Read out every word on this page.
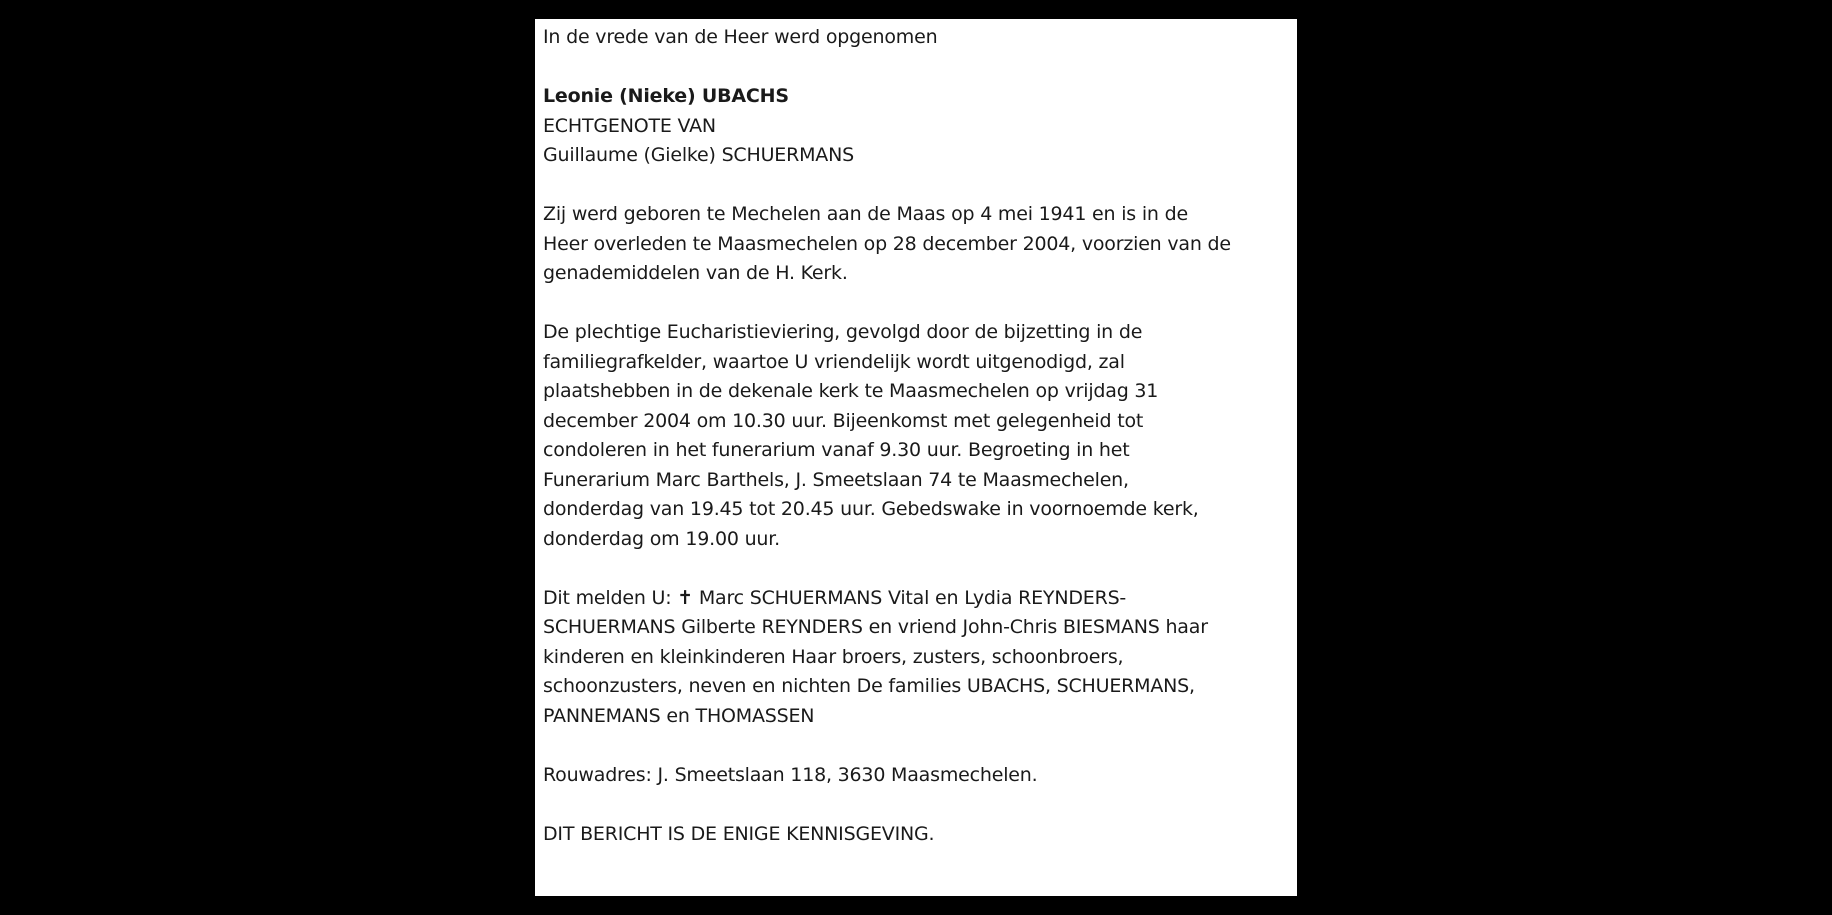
In de vrede van de Heer werd opgenomen
Leonie (Nieke) UBACHS
ECHTGENOTE VAN
Guillaume (Gielke) SCHUERMANS
Zij werd geboren te Mechelen aan de Maas op 4 mei 1941 en is in de
Heer overleden te Maasmechelen op 28 december 2004, voorzien van de
genademiddelen van de H. Kerk.
De plechtige Eucharistieviering, gevolgd door de bijzetting in de
familiegrafkelder, waartoe U vriendelijk wordt uitgenodigd, zal
plaatshebben in de dekenale kerk te Maasmechelen op vrijdag 31
december 2004 om 10.30 uur. Bijeenkomst met gelegenheid tot
condoleren in het funerarium vanaf 9.30 uur. Begroeting in het
Funerarium Marc Barthels, J. Smeetslaan 74 te Maasmechelen,
donderdag van 19.45 tot 20.45 uur. Gebedswake in voornoemde kerk,
donderdag om 19.00 uur.
Dit melden U: ✝ Marc SCHUERMANS Vital en Lydia REYNDERS-
SCHUERMANS Gilberte REYNDERS en vriend John-Chris BIESMANS haar
kinderen en kleinkinderen Haar broers, zusters, schoonbroers,
schoonzusters, neven en nichten De families UBACHS, SCHUERMANS,
PANNEMANS en THOMASSEN
Rouwadres: J. Smeetslaan 118, 3630 Maasmechelen.
DIT BERICHT IS DE ENIGE KENNISGEVING.
